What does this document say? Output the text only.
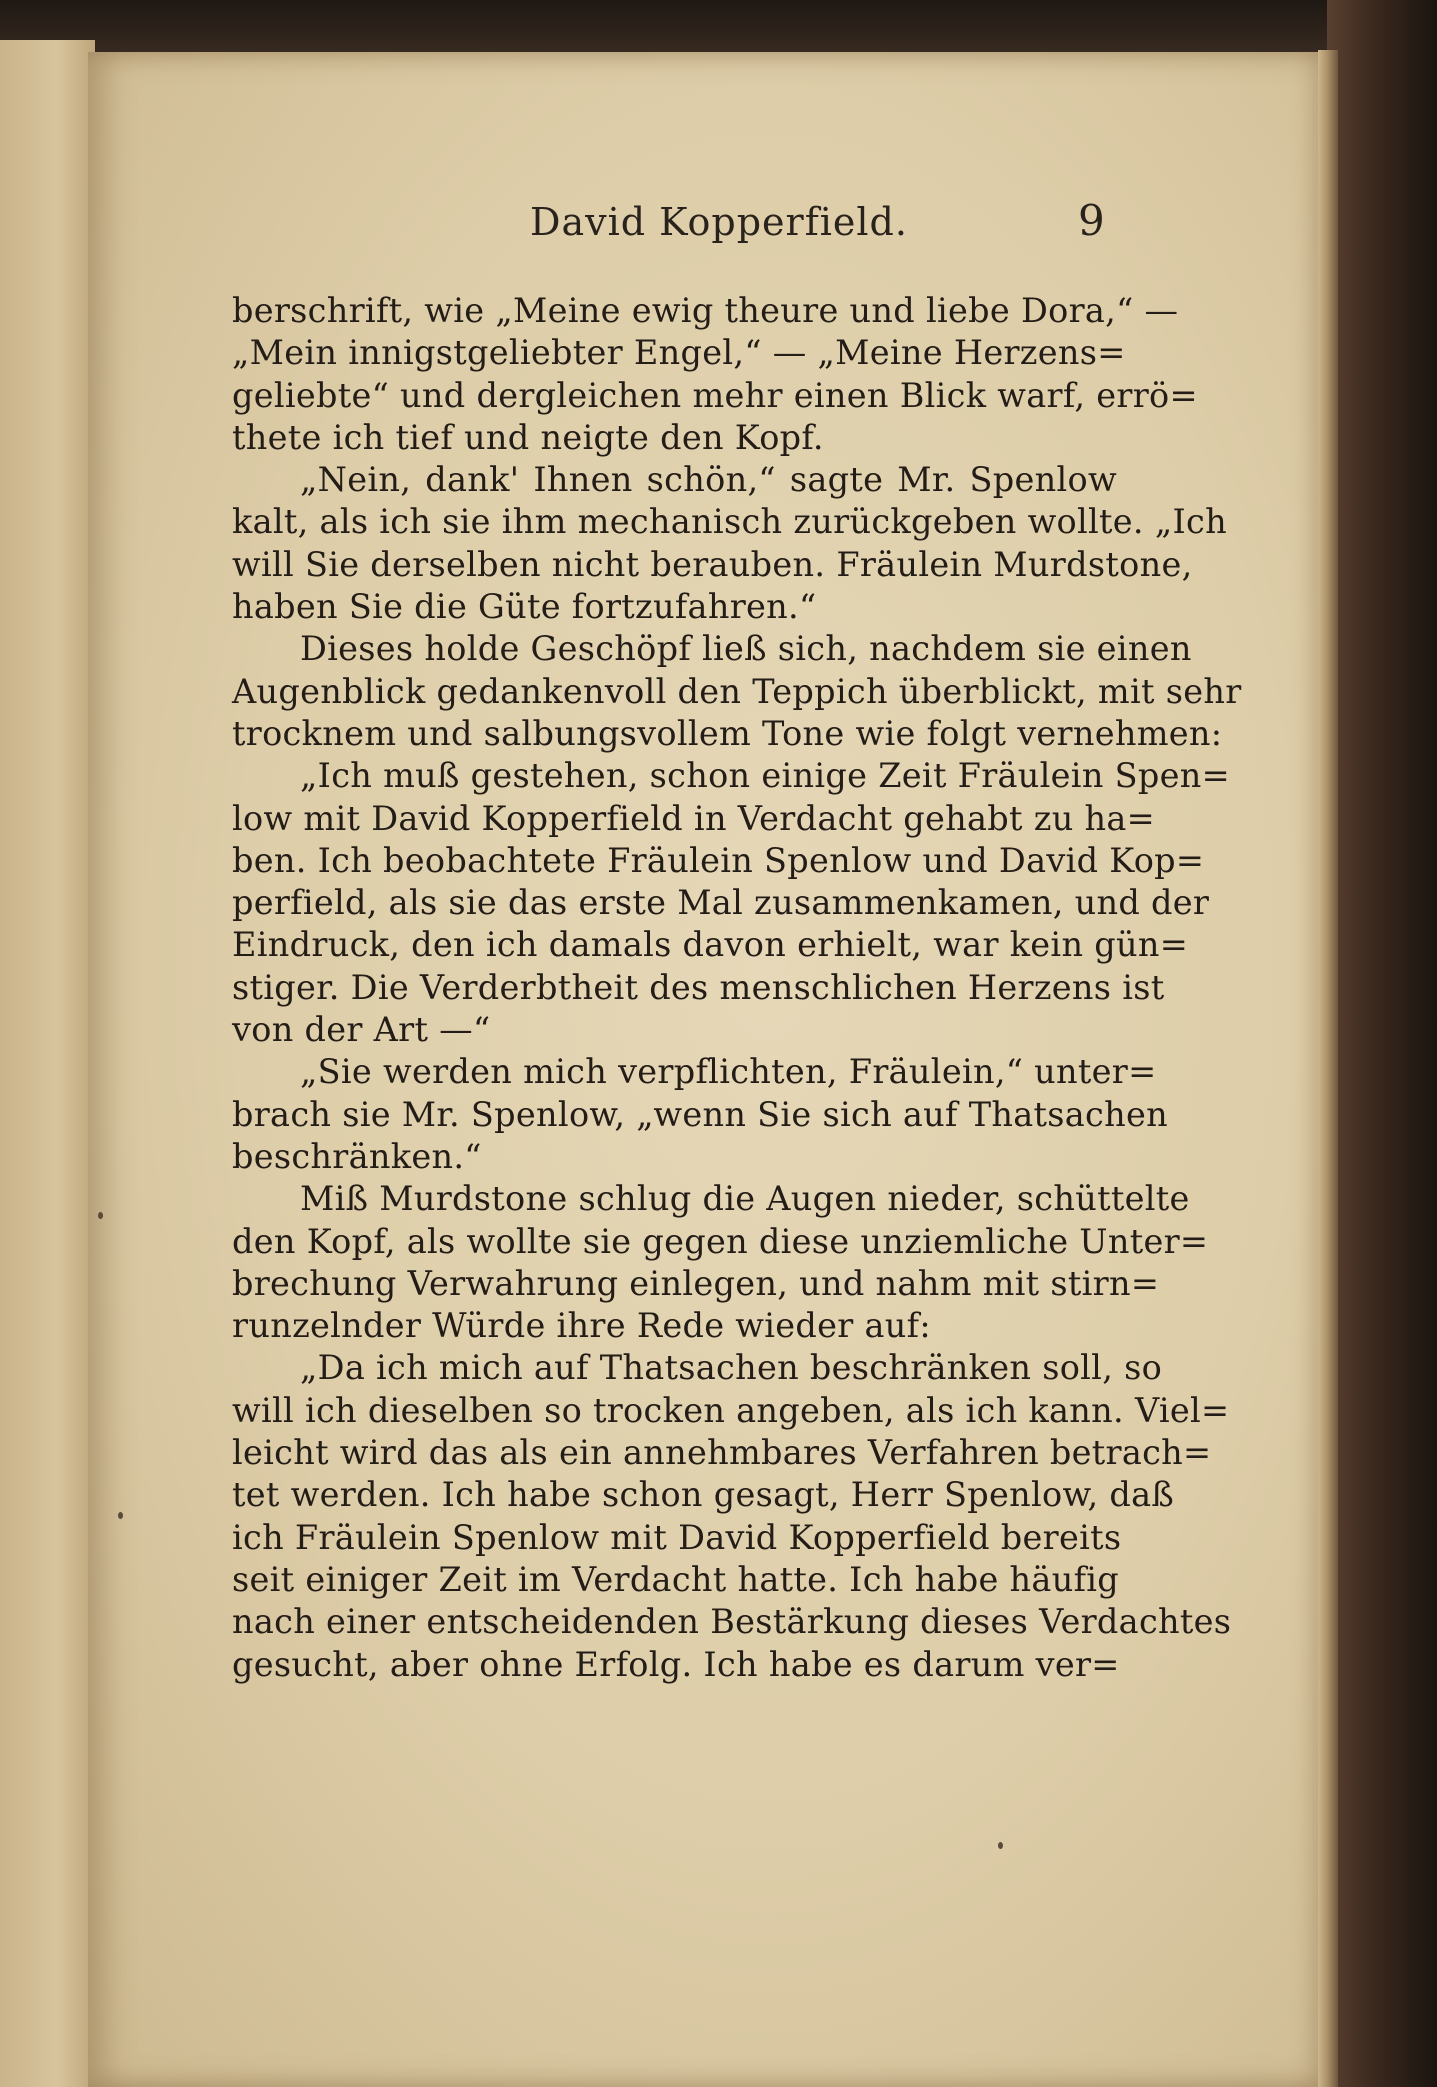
David Kopperfield.	9
berschrift, wie „Meine ewig theure und liebe Dora,“ —
„Mein innigstgeliebter Engel,“ — „Meine Herzens=
geliebte“ und dergleichen mehr einen Blick warf, errö=
thete ich tief und neigte den Kopf.
„Nein, dank' Ihnen schön,“ sagte Mr. Spenlow
kalt, als ich sie ihm mechanisch zurückgeben wollte. „Ich
will Sie derselben nicht berauben. Fräulein Murdstone,
haben Sie die Güte fortzufahren.“
Dieses holde Geschöpf ließ sich, nachdem sie einen
Augenblick gedankenvoll den Teppich überblickt, mit sehr
trocknem und salbungsvollem Tone wie folgt vernehmen:
„Ich muß gestehen, schon einige Zeit Fräulein Spen=
low mit David Kopperfield in Verdacht gehabt zu ha=
ben. Ich beobachtete Fräulein Spenlow und David Kop=
perfield, als sie das erste Mal zusammenkamen, und der
Eindruck, den ich damals davon erhielt, war kein gün=
stiger. Die Verderbtheit des menschlichen Herzens ist
von der Art —“
„Sie werden mich verpflichten, Fräulein,“ unter=
brach sie Mr. Spenlow, „wenn Sie sich auf Thatsachen
beschränken.“
Miß Murdstone schlug die Augen nieder, schüttelte
den Kopf, als wollte sie gegen diese unziemliche Unter=
brechung Verwahrung einlegen, und nahm mit stirn=
runzelnder Würde ihre Rede wieder auf:
„Da ich mich auf Thatsachen beschränken soll, so
will ich dieselben so trocken angeben, als ich kann. Viel=
leicht wird das als ein annehmbares Verfahren betrach=
tet werden. Ich habe schon gesagt, Herr Spenlow, daß
ich Fräulein Spenlow mit David Kopperfield bereits
seit einiger Zeit im Verdacht hatte. Ich habe häufig
nach einer entscheidenden Bestärkung dieses Verdachtes
gesucht, aber ohne Erfolg. Ich habe es darum ver=
